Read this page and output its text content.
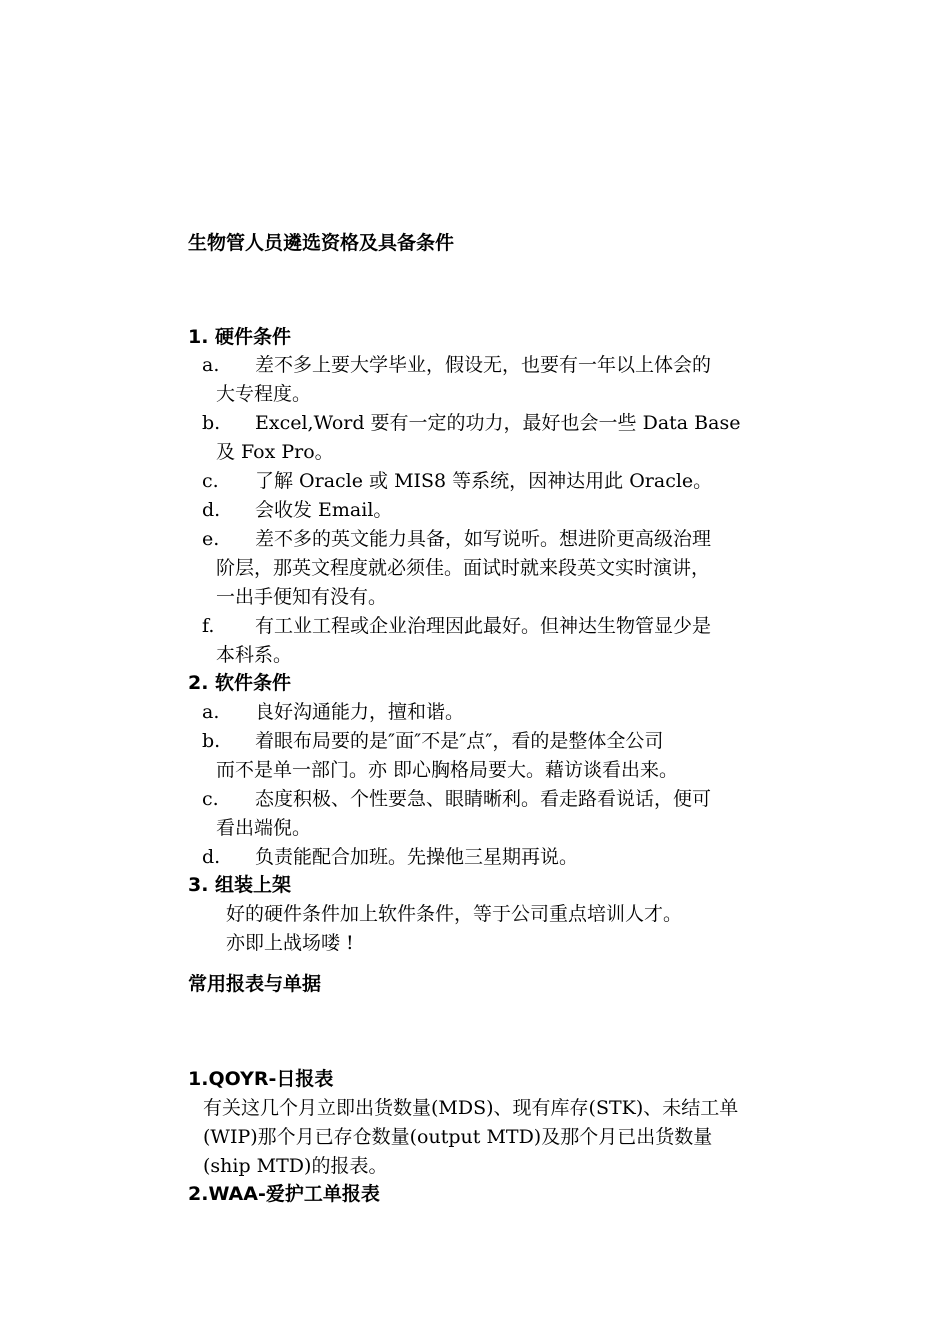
生物管人员遴选资格及具备条件
1. 硬件条件
a. 差不多上要大学毕业，假设无，也要有一年以上体会的
大专程度。
b. Excel,Word 要有一定的功力，最好也会一些 Data Base
及 Fox Pro。
c. 了解 Oracle 或 MIS8 等系统，因神达用此 Oracle。
d. 会收发 Email。
e. 差不多的英文能力具备，如写说听。想进阶更高级治理
阶层，那英文程度就必须佳。面试时就来段英文实时演讲，
一出手便知有没有。
f. 有工业工程或企业治理因此最好。但神达生物管显少是
本科系。
2. 软件条件
a. 良好沟通能力，擅和谐。
b. 着眼布局要的是″面″不是″点″，看的是整体全公司
而不是单一部门。亦 即心胸格局要大。藉访谈看出来。
c. 态度积极、个性要急、眼睛晰利。看走路看说话，便可
看出端倪。
d. 负责能配合加班。先操他三星期再说。
3. 组装上架
好的硬件条件加上软件条件，等于公司重点培训人才。
亦即上战场喽 !
常用报表与单据
1.QOYR-日报表
有关这几个月立即出货数量(MDS)、现有库存(STK)、未结工单
(WIP)那个月已存仓数量(output MTD)及那个月已出货数量
(ship MTD)的报表。
2.WAA-爱护工单报表
